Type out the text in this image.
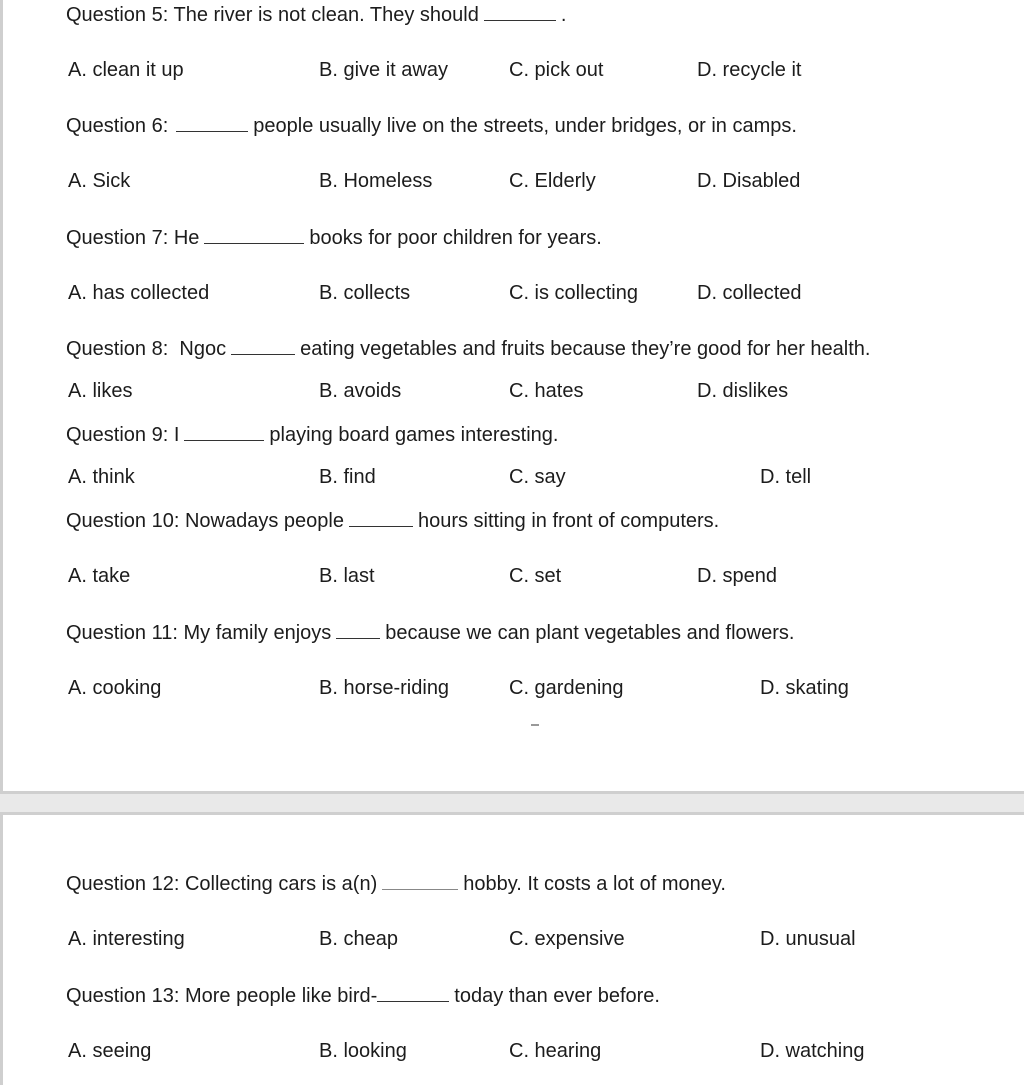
Question 5: The river is not clean. They should	.
A. clean it up	B. give it away	C. pick out	D. recycle it
Question 6:	people usually live on the streets, under bridges, or in camps.
A. Sick	B. Homeless	C. Elderly	D. Disabled
Question 7: He	books for poor children for years.
A. has collected	B. collects	C. is collecting	D. collected
Question 8:  Ngoc	eating vegetables and fruits because they’re good for her health.
A. likes	B. avoids	C. hates	D. dislikes
Question 9: I	playing board games interesting.
A. think	B. find	C. say	D. tell
Question 10: Nowadays people	hours sitting in front of computers.
A. take	B. last	C. set	D. spend
Question 11: My family enjoys	because we can plant vegetables and flowers.
A. cooking	B. horse-riding	C. gardening	D. skating
Question 12: Collecting cars is a(n)	hobby. It costs a lot of money.
A. interesting	B. cheap	C. expensive	D. unusual
Question 13: More people like bird-	today than ever before.
A. seeing	B. looking	C. hearing	D. watching
